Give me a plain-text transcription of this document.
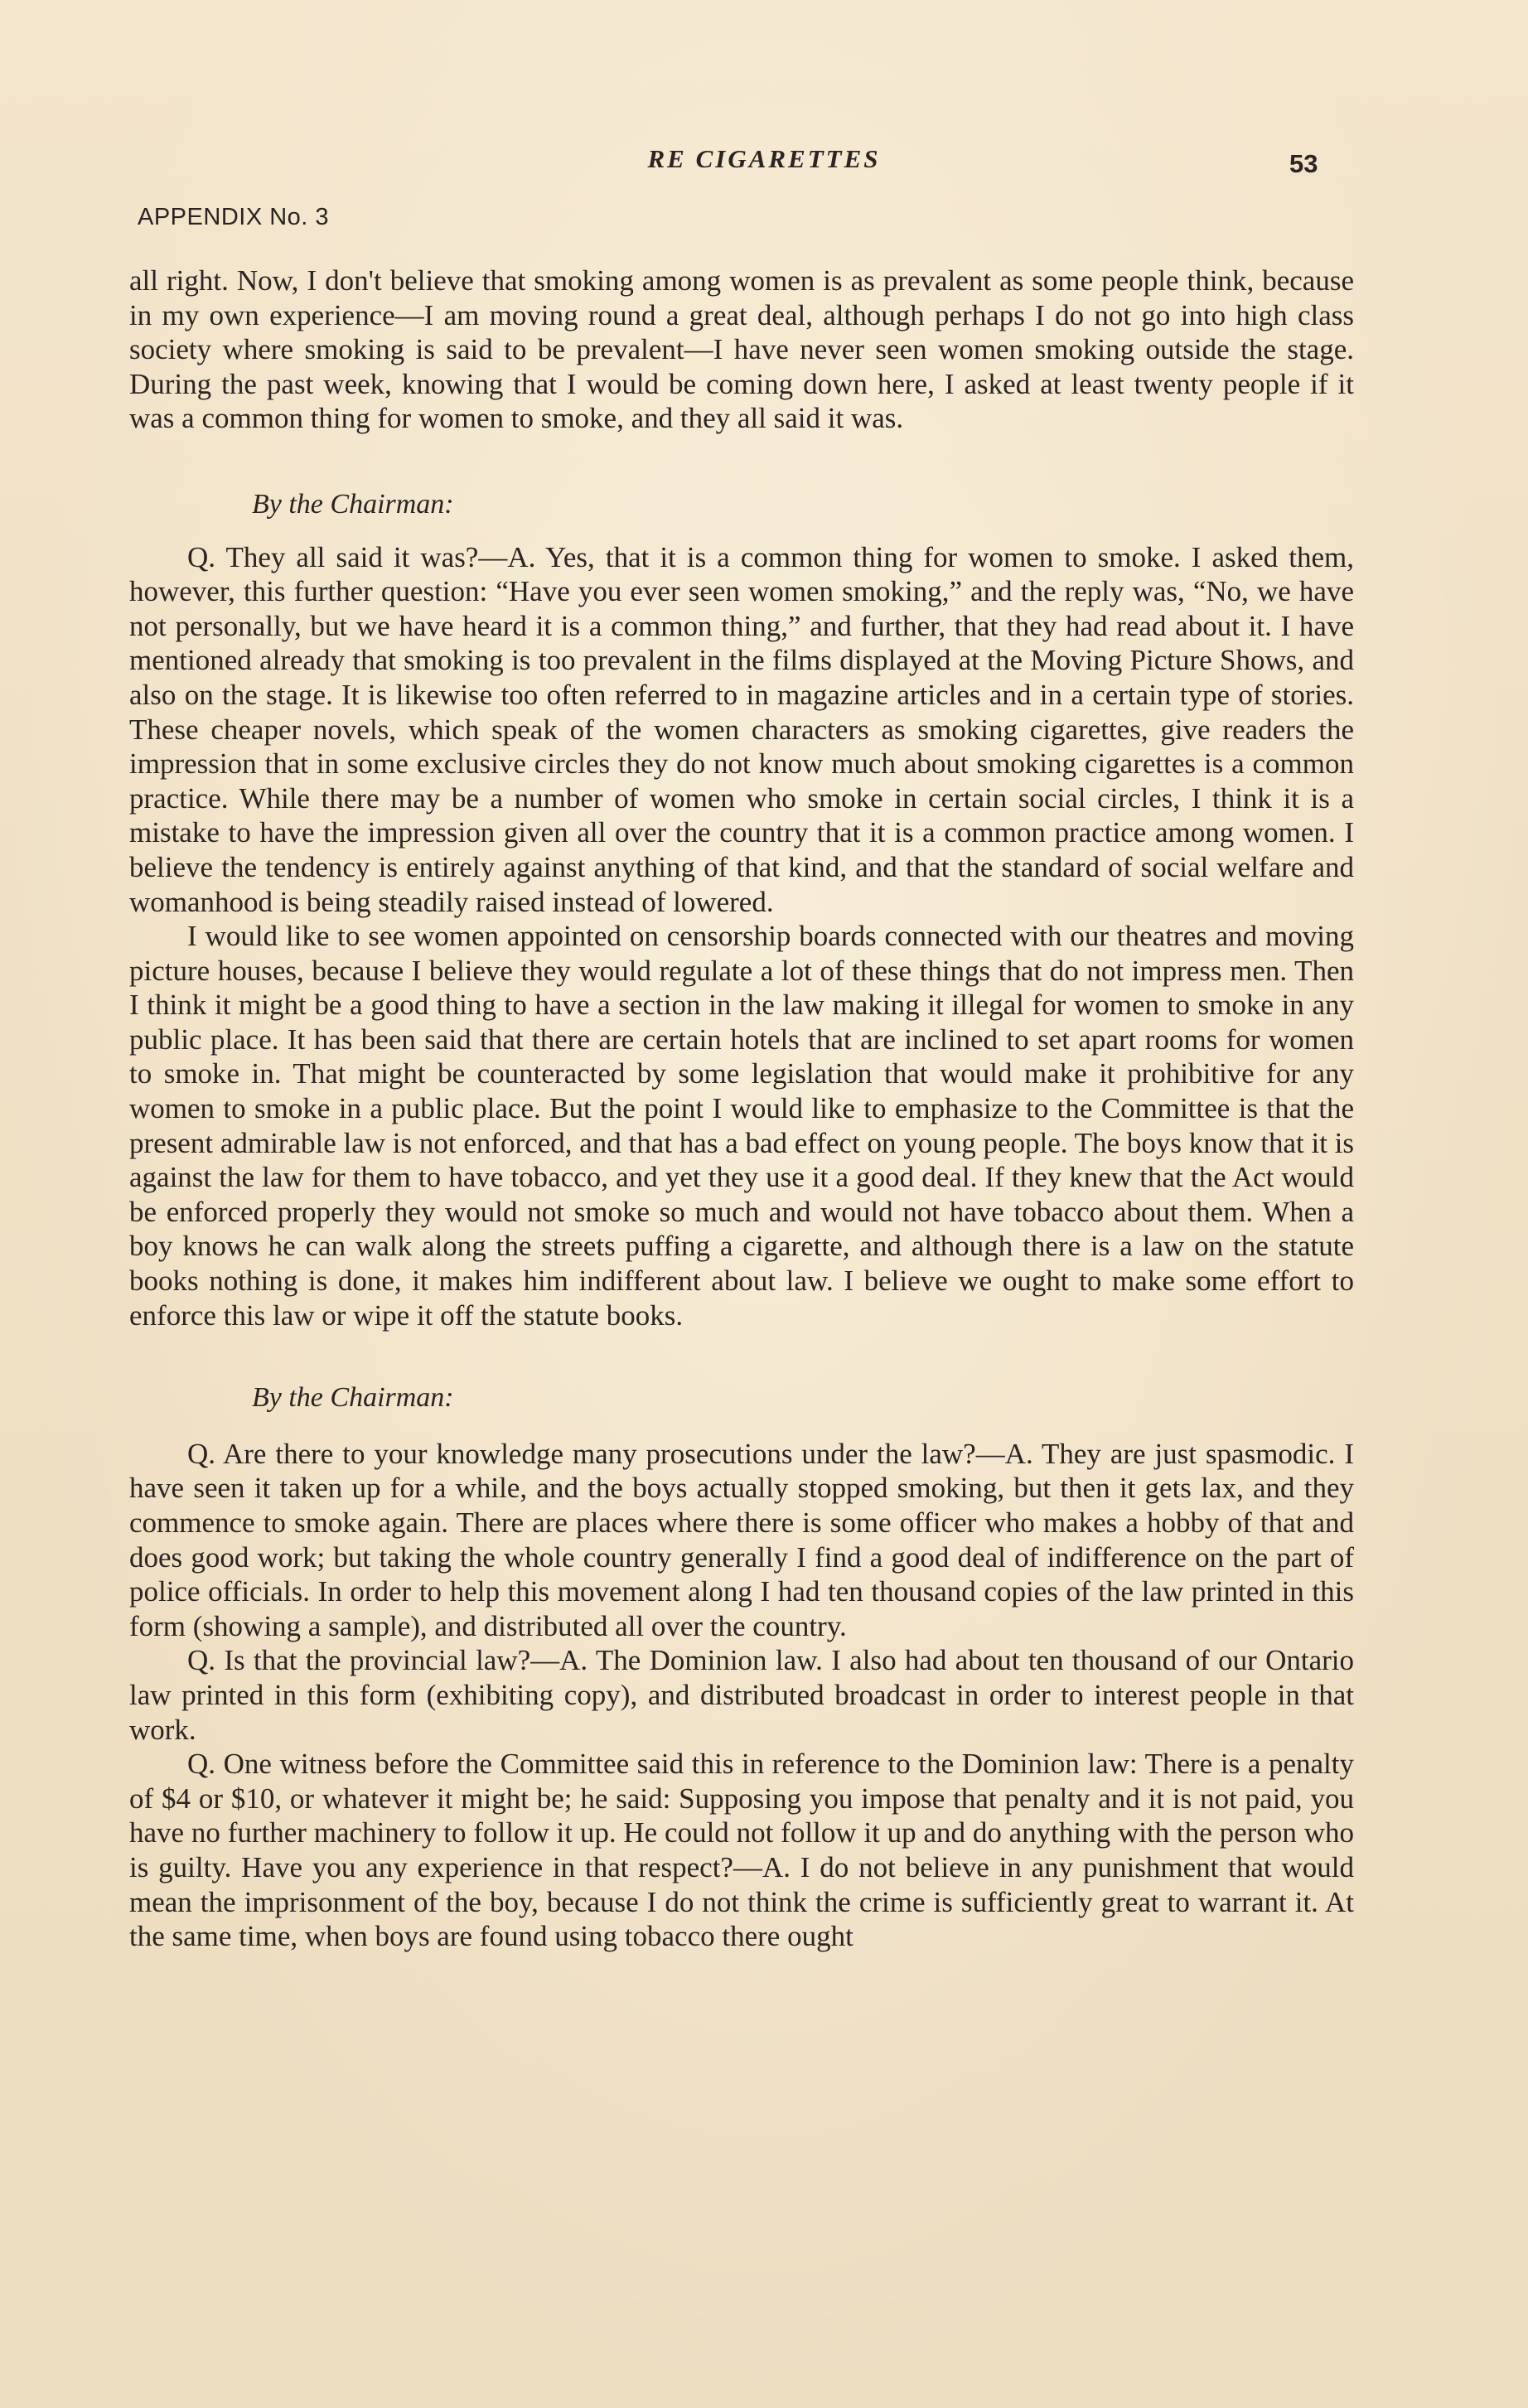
RE CIGARETTES	53
APPENDIX No. 3

all right. Now, I don't believe that smoking among women is as prevalent as some people think, because in my own experience—I am moving round a great deal, although perhaps I do not go into high class society where smoking is said to be prevalent—I have never seen women smoking outside the stage. During the past week, knowing that I would be coming down here, I asked at least twenty people if it was a common thing for women to smoke, and they all said it was.

By the Chairman:

Q. They all said it was?—A. Yes, that it is a common thing for women to smoke. I asked them, however, this further question: “Have you ever seen women smoking,” and the reply was, “No, we have not personally, but we have heard it is a common thing,” and further, that they had read about it. I have mentioned already that smoking is too prevalent in the films displayed at the Moving Picture Shows, and also on the stage. It is likewise too often referred to in magazine articles and in a certain type of stories. These cheaper novels, which speak of the women characters as smoking cigarettes, give readers the impression that in some exclusive circles they do not know much about smoking cigarettes is a common practice. While there may be a number of women who smoke in certain social circles, I think it is a mistake to have the impression given all over the country that it is a common practice among women. I believe the tendency is entirely against anything of that kind, and that the standard of social welfare and womanhood is being steadily raised instead of lowered.

I would like to see women appointed on censorship boards connected with our theatres and moving picture houses, because I believe they would regulate a lot of these things that do not impress men. Then I think it might be a good thing to have a section in the law making it illegal for women to smoke in any public place. It has been said that there are certain hotels that are inclined to set apart rooms for women to smoke in. That might be counteracted by some legislation that would make it prohibitive for any women to smoke in a public place. But the point I would like to emphasize to the Committee is that the present admirable law is not enforced, and that has a bad effect on young people. The boys know that it is against the law for them to have tobacco, and yet they use it a good deal. If they knew that the Act would be enforced properly they would not smoke so much and would not have tobacco about them. When a boy knows he can walk along the streets puffing a cigarette, and although there is a law on the statute books nothing is done, it makes him indifferent about law. I believe we ought to make some effort to enforce this law or wipe it off the statute books.

By the Chairman:

Q. Are there to your knowledge many prosecutions under the law?—A. They are just spasmodic. I have seen it taken up for a while, and the boys actually stopped smoking, but then it gets lax, and they commence to smoke again. There are places where there is some officer who makes a hobby of that and does good work; but taking the whole country generally I find a good deal of indifference on the part of police officials. In order to help this movement along I had ten thousand copies of the law printed in this form (showing a sample), and distributed all over the country.

Q. Is that the provincial law?—A. The Dominion law. I also had about ten thousand of our Ontario law printed in this form (exhibiting copy), and distributed broadcast in order to interest people in that work.

Q. One witness before the Committee said this in reference to the Dominion law: There is a penalty of $4 or $10, or whatever it might be; he said: Supposing you impose that penalty and it is not paid, you have no further machinery to follow it up. He could not follow it up and do anything with the person who is guilty. Have you any experience in that respect?—A. I do not believe in any punishment that would mean the imprisonment of the boy, because I do not think the crime is sufficiently great to warrant it. At the same time, when boys are found using tobacco there ought
